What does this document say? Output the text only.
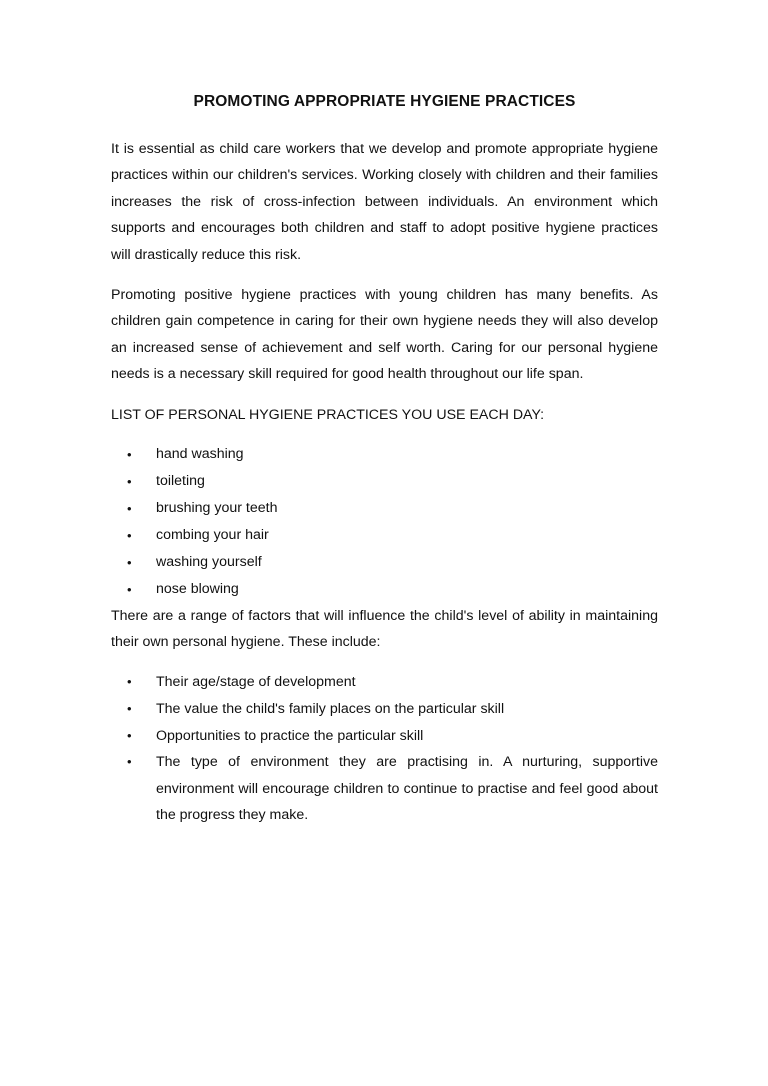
PROMOTING APPROPRIATE HYGIENE PRACTICES

It is essential as child care workers that we develop and promote appropriate hygiene practices within our children's services. Working closely with children and their families increases the risk of cross-infection between individuals. An environment which supports and encourages both children and staff to adopt positive hygiene practices will drastically reduce this risk.

Promoting positive hygiene practices with young children has many benefits. As children gain competence in caring for their own hygiene needs they will also develop an increased sense of achievement and self worth. Caring for our personal hygiene needs is a necessary skill required for good health throughout our life span.

LIST OF PERSONAL HYGIENE PRACTICES YOU USE EACH DAY:

• hand washing
• toileting
• brushing your teeth
• combing your hair
• washing yourself
• nose blowing

There are a range of factors that will influence the child's level of ability in maintaining their own personal hygiene. These include:

• Their age/stage of development
• The value the child's family places on the particular skill
• Opportunities to practice the particular skill
• The type of environment they are practising in. A nurturing, supportive environment will encourage children to continue to practise and feel good about the progress they make.
